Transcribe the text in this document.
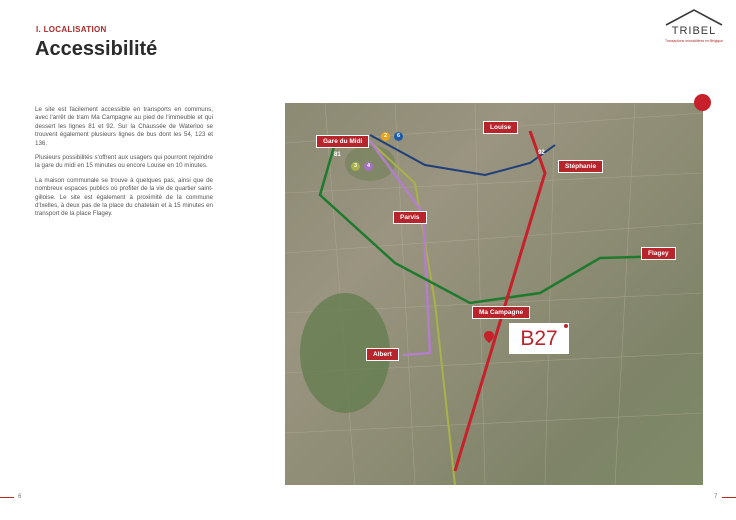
I. LOCALISATION
Accessibilité
TRIBEL
Transactions immobilières en Belgique

Le site est facilement accessible en transports en communs, avec l'arrêt de tram Ma Campagne au pied de l'immeuble et qui dessert les lignes 81 et 92. Sur la Chaussée de Waterloo se trouvent également plusieurs lignes de bus dont les 54, 123 et 136.

Plusieurs possibilités s'offrent aux usagers qui pourront rejoindre la gare du midi en 15 minutes ou encore Louise en 10 minutes.

La maison communale se trouve à quelques pas, ainsi que de nombreux espaces publics où profiter de la vie de quartier saint-gilloise. Le site est également à proximité de la commune d'Ixelles, à deux pas de la place du chatelain et à 15 minutes en transport de la place Flagey.

Gare du Midi
Louise
Stéphanie
Parvis
Flagey
Ma Campagne
Albert
2	6
3	4
81	92
B27
6	7
